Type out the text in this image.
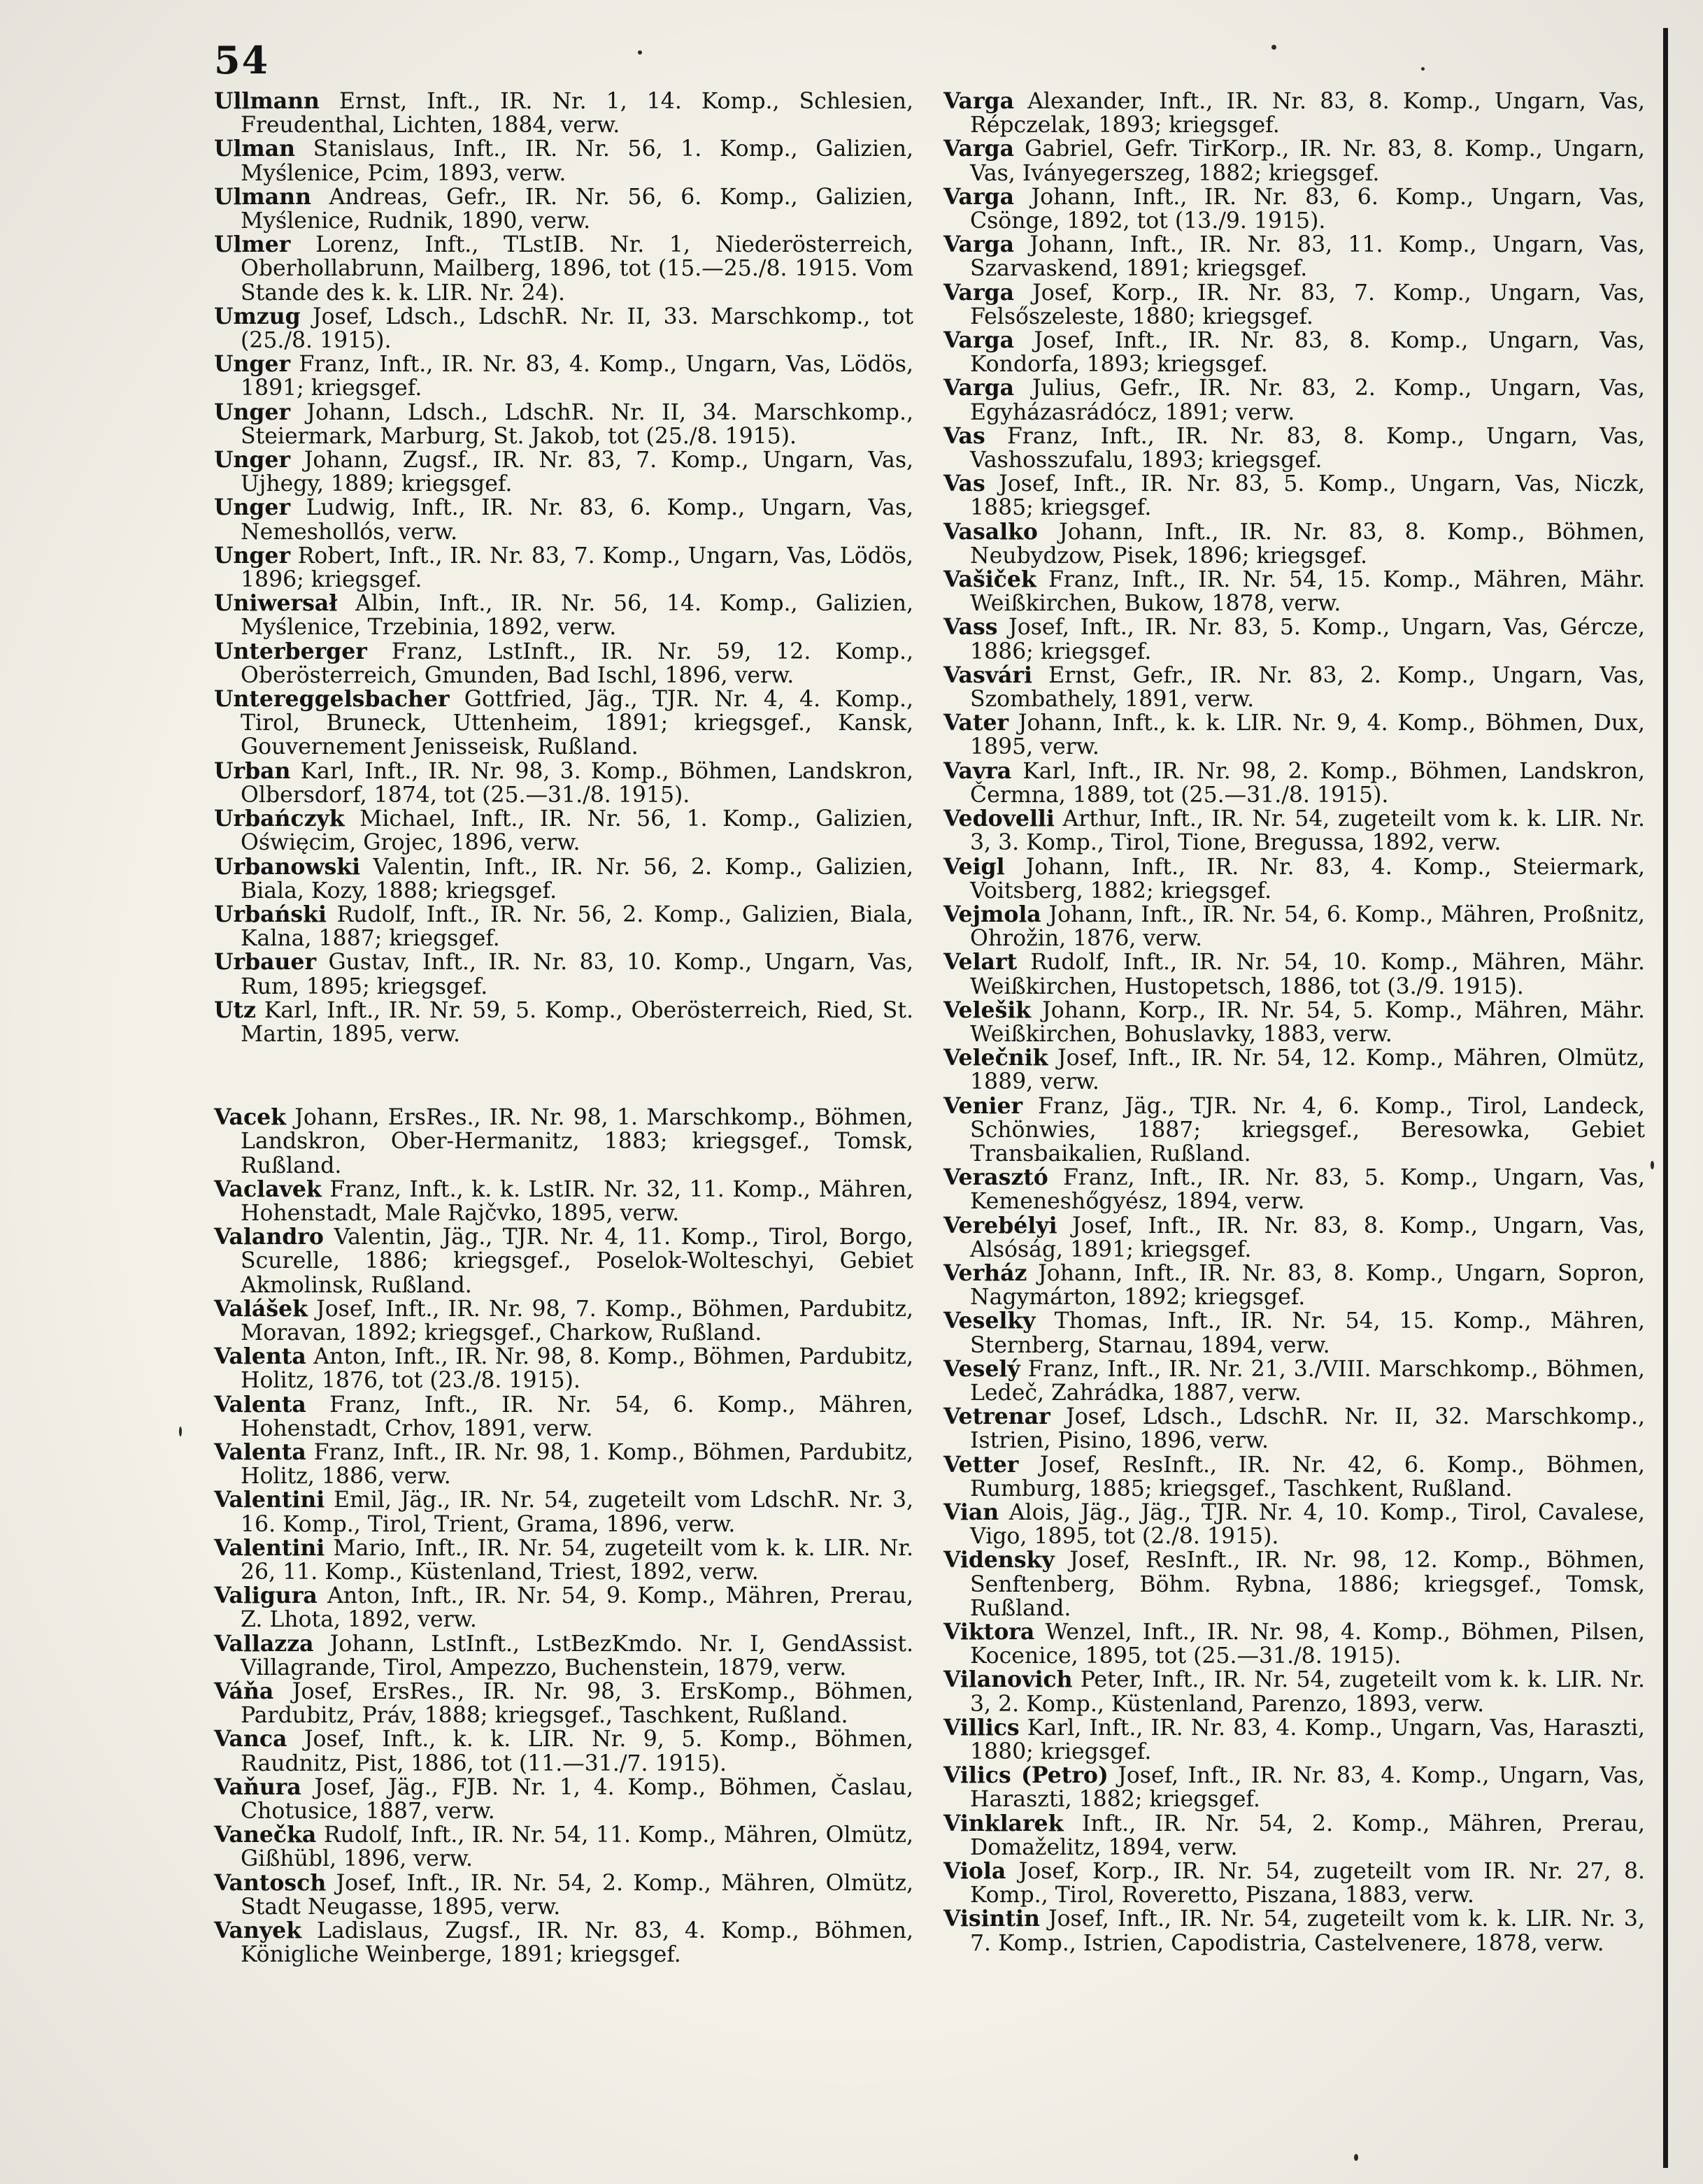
54

Ullmann Ernst, Inft., IR. Nr. 1, 14. Komp., Schlesien, Freudenthal, Lichten, 1884, verw.

Ulman Stanislaus, Inft., IR. Nr. 56, 1. Komp., Galizien, Myślenice, Pcim, 1893, verw.

Ulmann Andreas, Gefr., IR. Nr. 56, 6. Komp., Galizien, Myślenice, Rudnik, 1890, verw.

Ulmer Lorenz, Inft., TLstIB. Nr. 1, Niederösterreich, Oberhollabrunn, Mailberg, 1896, tot (15.—25./8. 1915. Vom Stande des k. k. LIR. Nr. 24).

Umzug Josef, Ldsch., LdschR. Nr. II, 33. Marschkomp., tot (25./8. 1915).

Unger Franz, Inft., IR. Nr. 83, 4. Komp., Ungarn, Vas, Lödös, 1891; kriegsgef.

Unger Johann, Ldsch., LdschR. Nr. II, 34. Marschkomp., Steiermark, Marburg, St. Jakob, tot (25./8. 1915).

Unger Johann, Zugsf., IR. Nr. 83, 7. Komp., Ungarn, Vas, Ujhegy, 1889; kriegsgef.

Unger Ludwig, Inft., IR. Nr. 83, 6. Komp., Ungarn, Vas, Nemeshollós, verw.

Unger Robert, Inft., IR. Nr. 83, 7. Komp., Ungarn, Vas, Lödös, 1896; kriegsgef.

Uniwersał Albin, Inft., IR. Nr. 56, 14. Komp., Galizien, Myślenice, Trzebinia, 1892, verw.

Unterberger Franz, LstInft., IR. Nr. 59, 12. Komp., Oberösterreich, Gmunden, Bad Ischl, 1896, verw.

Untereggelsbacher Gottfried, Jäg., TJR. Nr. 4, 4. Komp., Tirol, Bruneck, Uttenheim, 1891; kriegsgef., Kansk, Gouvernement Jenisseisk, Rußland.

Urban Karl, Inft., IR. Nr. 98, 3. Komp., Böhmen, Landskron, Olbersdorf, 1874, tot (25.—31./8. 1915).

Urbańczyk Michael, Inft., IR. Nr. 56, 1. Komp., Galizien, Oświęcim, Grojec, 1896, verw.

Urbanowski Valentin, Inft., IR. Nr. 56, 2. Komp., Galizien, Biala, Kozy, 1888; kriegsgef.

Urbański Rudolf, Inft., IR. Nr. 56, 2. Komp., Galizien, Biala, Kalna, 1887; kriegsgef.

Urbauer Gustav, Inft., IR. Nr. 83, 10. Komp., Ungarn, Vas, Rum, 1895; kriegsgef.

Utz Karl, Inft., IR. Nr. 59, 5. Komp., Oberösterreich, Ried, St. Martin, 1895, verw.

Vacek Johann, ErsRes., IR. Nr. 98, 1. Marschkomp., Böhmen, Landskron, Ober-Hermanitz, 1883; kriegsgef., Tomsk, Rußland.

Vaclavek Franz, Inft., k. k. LstIR. Nr. 32, 11. Komp., Mähren, Hohenstadt, Male Rajčvko, 1895, verw.

Valandro Valentin, Jäg., TJR. Nr. 4, 11. Komp., Tirol, Borgo, Scurelle, 1886; kriegsgef., Poselok-Wolteschyi, Gebiet Akmolinsk, Rußland.

Valášek Josef, Inft., IR. Nr. 98, 7. Komp., Böhmen, Pardubitz, Moravan, 1892; kriegsgef., Charkow, Rußland.

Valenta Anton, Inft., IR. Nr. 98, 8. Komp., Böhmen, Pardubitz, Holitz, 1876, tot (23./8. 1915).

Valenta Franz, Inft., IR. Nr. 54, 6. Komp., Mähren, Hohenstadt, Crhov, 1891, verw.

Valenta Franz, Inft., IR. Nr. 98, 1. Komp., Böhmen, Pardubitz, Holitz, 1886, verw.

Valentini Emil, Jäg., IR. Nr. 54, zugeteilt vom LdschR. Nr. 3, 16. Komp., Tirol, Trient, Grama, 1896, verw.

Valentini Mario, Inft., IR. Nr. 54, zugeteilt vom k. k. LIR. Nr. 26, 11. Komp., Küstenland, Triest, 1892, verw.

Valigura Anton, Inft., IR. Nr. 54, 9. Komp., Mähren, Prerau, Z. Lhota, 1892, verw.

Vallazza Johann, LstInft., LstBezKmdo. Nr. I, GendAssist. Villagrande, Tirol, Ampezzo, Buchenstein, 1879, verw.

Váňa Josef, ErsRes., IR. Nr. 98, 3. ErsKomp., Böhmen, Pardubitz, Práv, 1888; kriegsgef., Taschkent, Rußland.

Vanca Josef, Inft., k. k. LIR. Nr. 9, 5. Komp., Böhmen, Raudnitz, Pist, 1886, tot (11.—31./7. 1915).

Vaňura Josef, Jäg., FJB. Nr. 1, 4. Komp., Böhmen, Časlau, Chotusice, 1887, verw.

Vanečka Rudolf, Inft., IR. Nr. 54, 11. Komp., Mähren, Olmütz, Gißhübl, 1896, verw.

Vantosch Josef, Inft., IR. Nr. 54, 2. Komp., Mähren, Olmütz, Stadt Neugasse, 1895, verw.

Vanyek Ladislaus, Zugsf., IR. Nr. 83, 4. Komp., Böhmen, Königliche Weinberge, 1891; kriegsgef.

Varga Alexander, Inft., IR. Nr. 83, 8. Komp., Ungarn, Vas, Répczelak, 1893; kriegsgef.

Varga Gabriel, Gefr. TirKorp., IR. Nr. 83, 8. Komp., Ungarn, Vas, Iványegerszeg, 1882; kriegsgef.

Varga Johann, Inft., IR. Nr. 83, 6. Komp., Ungarn, Vas, Csönge, 1892, tot (13./9. 1915).

Varga Johann, Inft., IR. Nr. 83, 11. Komp., Ungarn, Vas, Szarvaskend, 1891; kriegsgef.

Varga Josef, Korp., IR. Nr. 83, 7. Komp., Ungarn, Vas, Felsőszeleste, 1880; kriegsgef.

Varga Josef, Inft., IR. Nr. 83, 8. Komp., Ungarn, Vas, Kondorfa, 1893; kriegsgef.

Varga Julius, Gefr., IR. Nr. 83, 2. Komp., Ungarn, Vas, Egyházasrádócz, 1891; verw.

Vas Franz, Inft., IR. Nr. 83, 8. Komp., Ungarn, Vas, Vashosszufalu, 1893; kriegsgef.

Vas Josef, Inft., IR. Nr. 83, 5. Komp., Ungarn, Vas, Niczk, 1885; kriegsgef.

Vasalko Johann, Inft., IR. Nr. 83, 8. Komp., Böhmen, Neubydzow, Pisek, 1896; kriegsgef.

Vašiček Franz, Inft., IR. Nr. 54, 15. Komp., Mähren, Mähr. Weißkirchen, Bukow, 1878, verw.

Vass Josef, Inft., IR. Nr. 83, 5. Komp., Ungarn, Vas, Gércze, 1886; kriegsgef.

Vasvári Ernst, Gefr., IR. Nr. 83, 2. Komp., Ungarn, Vas, Szombathely, 1891, verw.

Vater Johann, Inft., k. k. LIR. Nr. 9, 4. Komp., Böhmen, Dux, 1895, verw.

Vavra Karl, Inft., IR. Nr. 98, 2. Komp., Böhmen, Landskron, Čermna, 1889, tot (25.—31./8. 1915).

Vedovelli Arthur, Inft., IR. Nr. 54, zugeteilt vom k. k. LIR. Nr. 3, 3. Komp., Tirol, Tione, Bregussa, 1892, verw.

Veigl Johann, Inft., IR. Nr. 83, 4. Komp., Steiermark, Voitsberg, 1882; kriegsgef.

Vejmola Johann, Inft., IR. Nr. 54, 6. Komp., Mähren, Proßnitz, Ohrožin, 1876, verw.

Velart Rudolf, Inft., IR. Nr. 54, 10. Komp., Mähren, Mähr. Weißkirchen, Hustopetsch, 1886, tot (3./9. 1915).

Velešik Johann, Korp., IR. Nr. 54, 5. Komp., Mähren, Mähr. Weißkirchen, Bohuslavky, 1883, verw.

Velečnik Josef, Inft., IR. Nr. 54, 12. Komp., Mähren, Olmütz, 1889, verw.

Venier Franz, Jäg., TJR. Nr. 4, 6. Komp., Tirol, Landeck, Schönwies, 1887; kriegsgef., Beresowka, Gebiet Transbaikalien, Rußland.

Verasztó Franz, Inft., IR. Nr. 83, 5. Komp., Ungarn, Vas, Kemeneshőgyész, 1894, verw.

Verebélyi Josef, Inft., IR. Nr. 83, 8. Komp., Ungarn, Vas, Alsóság, 1891; kriegsgef.

Verház Johann, Inft., IR. Nr. 83, 8. Komp., Ungarn, Sopron, Nagymárton, 1892; kriegsgef.

Veselky Thomas, Inft., IR. Nr. 54, 15. Komp., Mähren, Sternberg, Starnau, 1894, verw.

Veselý Franz, Inft., IR. Nr. 21, 3./VIII. Marschkomp., Böhmen, Ledeč, Zahrádka, 1887, verw.

Vetrenar Josef, Ldsch., LdschR. Nr. II, 32. Marschkomp., Istrien, Pisino, 1896, verw.

Vetter Josef, ResInft., IR. Nr. 42, 6. Komp., Böhmen, Rumburg, 1885; kriegsgef., Taschkent, Rußland.

Vian Alois, Jäg., Jäg., TJR. Nr. 4, 10. Komp., Tirol, Cavalese, Vigo, 1895, tot (2./8. 1915).

Vidensky Josef, ResInft., IR. Nr. 98, 12. Komp., Böhmen, Senftenberg, Böhm. Rybna, 1886; kriegsgef., Tomsk, Rußland.

Viktora Wenzel, Inft., IR. Nr. 98, 4. Komp., Böhmen, Pilsen, Kocenice, 1895, tot (25.—31./8. 1915).

Vilanovich Peter, Inft., IR. Nr. 54, zugeteilt vom k. k. LIR. Nr. 3, 2. Komp., Küstenland, Parenzo, 1893, verw.

Villics Karl, Inft., IR. Nr. 83, 4. Komp., Ungarn, Vas, Haraszti, 1880; kriegsgef.

Vilics (Petro) Josef, Inft., IR. Nr. 83, 4. Komp., Ungarn, Vas, Haraszti, 1882; kriegsgef.

Vinklarek Inft., IR. Nr. 54, 2. Komp., Mähren, Prerau, Domaželitz, 1894, verw.

Viola Josef, Korp., IR. Nr. 54, zugeteilt vom IR. Nr. 27, 8. Komp., Tirol, Roveretto, Piszana, 1883, verw.

Visintin Josef, Inft., IR. Nr. 54, zugeteilt vom k. k. LIR. Nr. 3, 7. Komp., Istrien, Capodistria, Castelvenere, 1878, verw.
